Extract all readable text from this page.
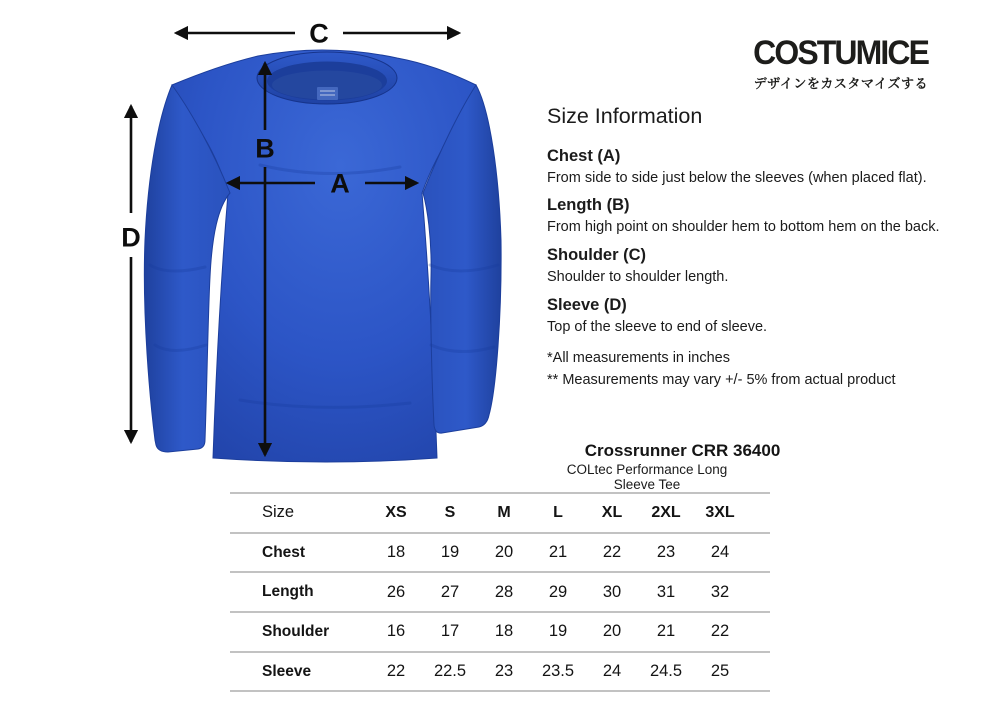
C
B
A
D
COSTUMICE
デザインをカスタマイズする
Size Information
Chest (A)

From side to side just below the sleeves (when placed flat).

Length (B)

From high point on shoulder hem to bottom hem on the back.

Shoulder (C)

Shoulder to shoulder length.

Sleeve (D)

Top of the sleeve to end of sleeve.

*All measurements in inches

** Measurements may vary +/- 5% from actual product

Crossrunner CRR 36400
COLtec Performance Long Sleeve Tee
Size	XS	S	M	L	XL	2XL	3XL	
Chest	18	19	20	21	22	23	24	
Length	26	27	28	29	30	31	32	
Shoulder	16	17	18	19	20	21	22	
Sleeve	22	22.5	23	23.5	24	24.5	25	
